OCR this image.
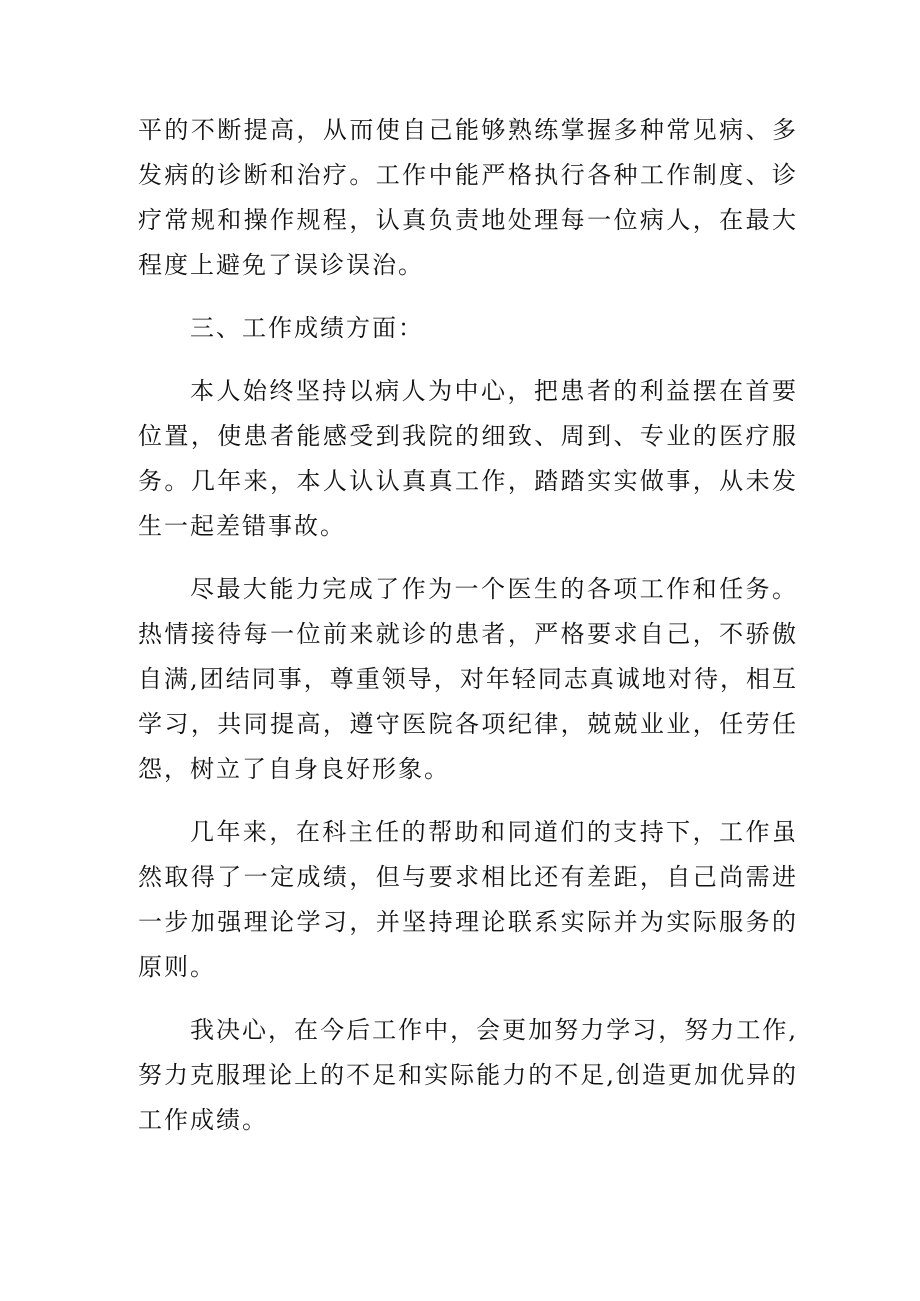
平的不断提高，从而使自己能够熟练掌握多种常见病、多发病的诊断和治疗。工作中能严格执行各种工作制度、诊疗常规和操作规程，认真负责地处理每一位病人，在最大程度上避免了误诊误治。

三、工作成绩方面：

本人始终坚持以病人为中心，把患者的利益摆在首要位置，使患者能感受到我院的细致、周到、专业的医疗服务。几年来，本人认认真真工作，踏踏实实做事，从未发生一起差错事故。

尽最大能力完成了作为一个医生的各项工作和任务。热情接待每一位前来就诊的患者，严格要求自己，不骄傲自满,团结同事，尊重领导，对年轻同志真诚地对待，相互学习，共同提高，遵守医院各项纪律，兢兢业业，任劳任怨，树立了自身良好形象。

几年来，在科主任的帮助和同道们的支持下，工作虽然取得了一定成绩，但与要求相比还有差距，自己尚需进一步加强理论学习，并坚持理论联系实际并为实际服务的原则。

我决心，在今后工作中，会更加努力学习，努力工作,努力克服理论上的不足和实际能力的不足,创造更加优异的工作成绩。
